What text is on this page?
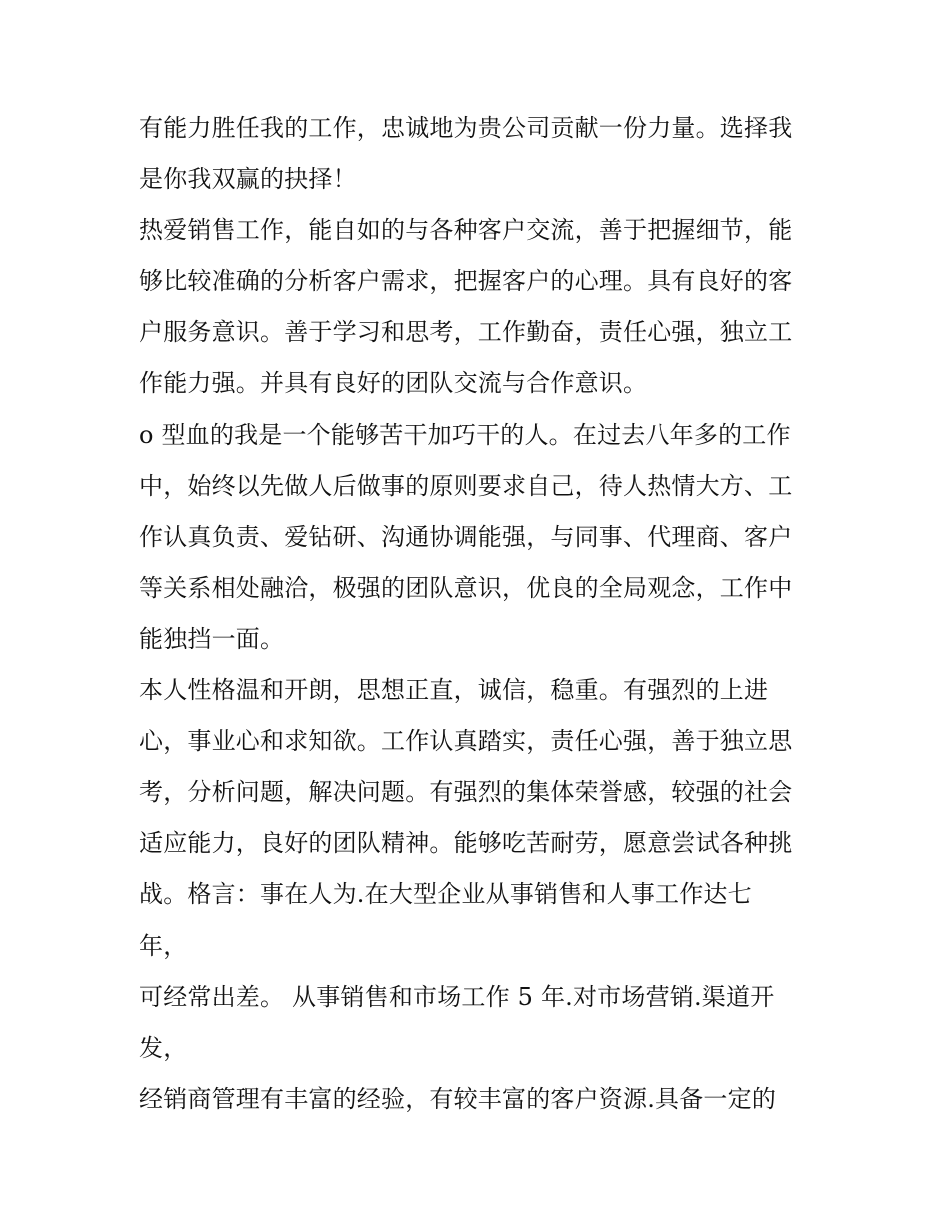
有能力胜任我的工作，忠诚地为贵公司贡献一份力量。选择我
是你我双赢的抉择！
热爱销售工作，能自如的与各种客户交流，善于把握细节，能
够比较准确的分析客户需求，把握客户的心理。具有良好的客
户服务意识。善于学习和思考，工作勤奋，责任心强，独立工
作能力强。并具有良好的团队交流与合作意识。
o 型血的我是一个能够苦干加巧干的人。在过去八年多的工作
中，始终以先做人后做事的原则要求自己，待人热情大方、工
作认真负责、爱钻研、沟通协调能强，与同事、代理商、客户
等关系相处融洽，极强的团队意识，优良的全局观念，工作中
能独挡一面。
本人性格温和开朗，思想正直，诚信，稳重。有强烈的上进
心，事业心和求知欲。工作认真踏实，责任心强，善于独立思
考，分析问题，解决问题。有强烈的集体荣誉感，较强的社会
适应能力，良好的团队精神。能够吃苦耐劳，愿意尝试各种挑
战。格言：事在人为.在大型企业从事销售和人事工作达七
年，
可经常出差。 从事销售和市场工作 5 年.对市场营销.渠道开
发，
经销商管理有丰富的经验，有较丰富的客户资源.具备一定的
